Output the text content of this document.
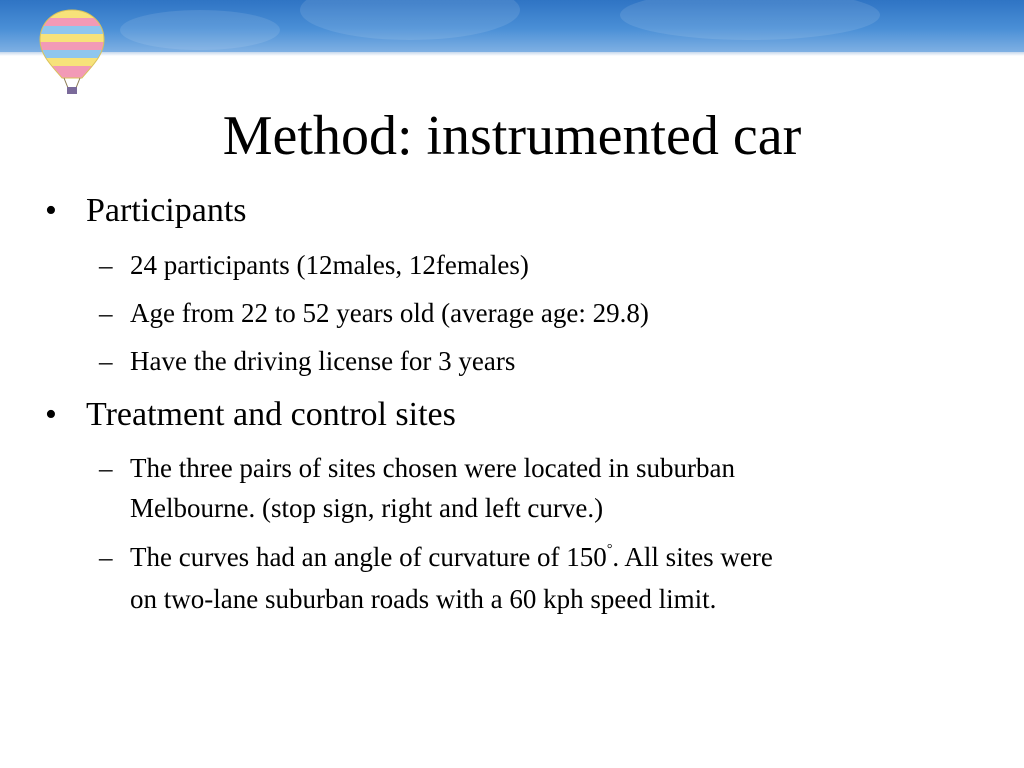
Method: instrumented car
• Participants
– 24 participants (12males, 12females)
– Age from 22 to 52 years old (average age: 29.8)
– Have the driving license for 3 years
• Treatment and control sites
– The three pairs of sites chosen were located in suburban
Melbourne. (stop sign, right and left curve.)
– The curves had an angle of curvature of 150°. All sites were
on two-lane suburban roads with a 60 kph speed limit.
